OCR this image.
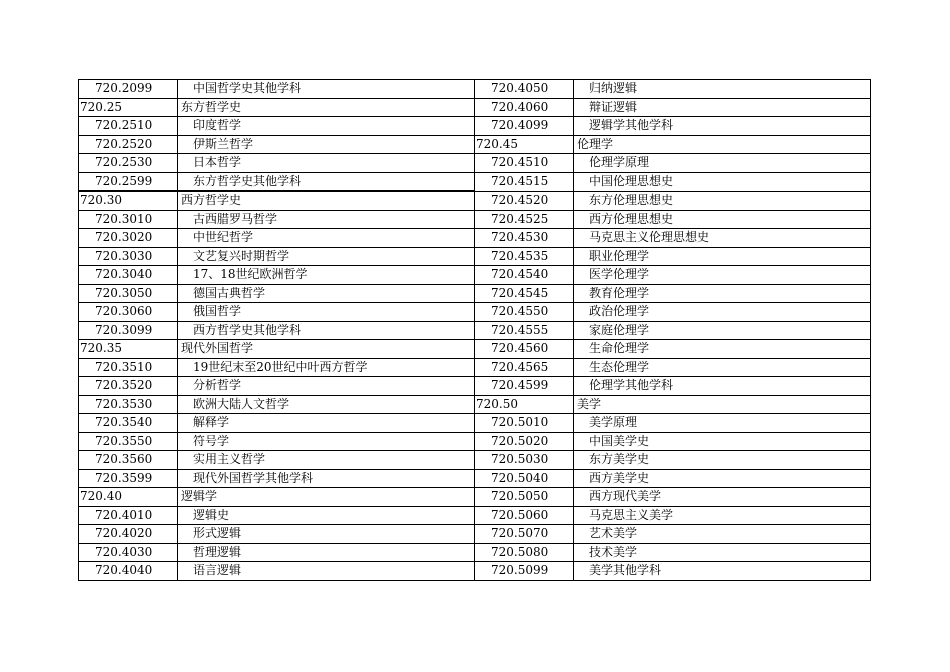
720.2099	中国哲学史其他学科	720.4050	归纳逻辑
720.25	东方哲学史	720.4060	辩证逻辑
720.2510	印度哲学	720.4099	逻辑学其他学科
720.2520	伊斯兰哲学	720.45	伦理学
720.2530	日本哲学	720.4510	伦理学原理
720.2599	东方哲学史其他学科	720.4515	中国伦理思想史
720.30	西方哲学史	720.4520	东方伦理思想史
720.3010	古西腊罗马哲学	720.4525	西方伦理思想史
720.3020	中世纪哲学	720.4530	马克思主义伦理思想史
720.3030	文艺复兴时期哲学	720.4535	职业伦理学
720.3040	17、18世纪欧洲哲学	720.4540	医学伦理学
720.3050	德国古典哲学	720.4545	教育伦理学
720.3060	俄国哲学	720.4550	政治伦理学
720.3099	西方哲学史其他学科	720.4555	家庭伦理学
720.35	现代外国哲学	720.4560	生命伦理学
720.3510	19世纪末至20世纪中叶西方哲学	720.4565	生态伦理学
720.3520	分析哲学	720.4599	伦理学其他学科
720.3530	欧洲大陆人文哲学	720.50	美学
720.3540	解释学	720.5010	美学原理
720.3550	符号学	720.5020	中国美学史
720.3560	实用主义哲学	720.5030	东方美学史
720.3599	现代外国哲学其他学科	720.5040	西方美学史
720.40	逻辑学	720.5050	西方现代美学
720.4010	逻辑史	720.5060	马克思主义美学
720.4020	形式逻辑	720.5070	艺术美学
720.4030	哲理逻辑	720.5080	技术美学
720.4040	语言逻辑	720.5099	美学其他学科
